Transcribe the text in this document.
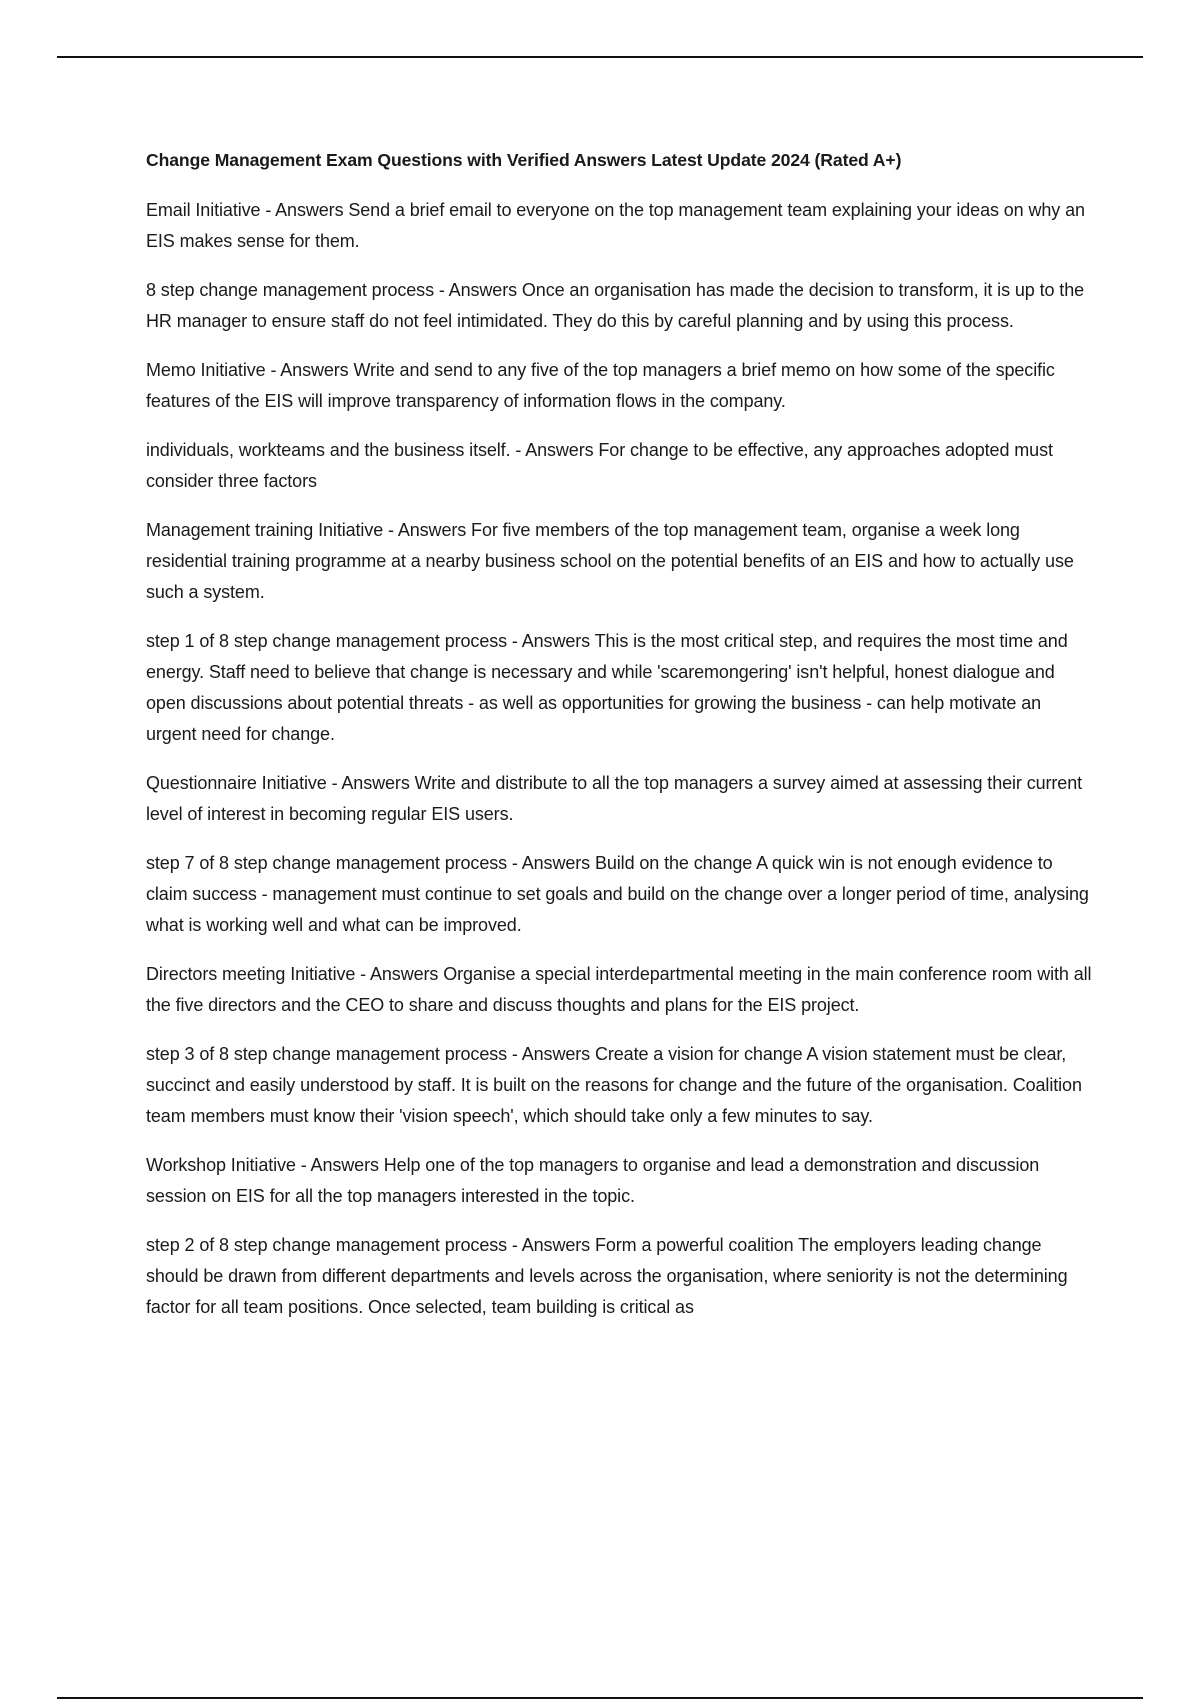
Change Management Exam Questions with Verified Answers Latest Update 2024 (Rated A+)

Email Initiative - Answers Send a brief email to everyone on the top management team explaining your ideas on why an EIS makes sense for them.

8 step change management process - Answers Once an organisation has made the decision to transform, it is up to the HR manager to ensure staff do not feel intimidated. They do this by careful planning and by using this process.

Memo Initiative - Answers Write and send to any five of the top managers a brief memo on how some of the specific features of the EIS will improve transparency of information flows in the company.

individuals, workteams and the business itself. - Answers For change to be effective, any approaches adopted must consider three factors

Management training Initiative - Answers For five members of the top management team, organise a week long residential training programme at a nearby business school on the potential benefits of an EIS and how to actually use such a system.

step 1 of 8 step change management process - Answers This is the most critical step, and requires the most time and energy. Staff need to believe that change is necessary and while 'scaremongering' isn't helpful, honest dialogue and open discussions about potential threats - as well as opportunities for growing the business - can help motivate an urgent need for change.

Questionnaire Initiative - Answers Write and distribute to all the top managers a survey aimed at assessing their current level of interest in becoming regular EIS users.

step 7 of 8 step change management process - Answers Build on the change A quick win is not enough evidence to claim success - management must continue to set goals and build on the change over a longer period of time, analysing what is working well and what can be improved.

Directors meeting Initiative - Answers Organise a special interdepartmental meeting in the main conference room with all the five directors and the CEO to share and discuss thoughts and plans for the EIS project.

step 3 of 8 step change management process - Answers Create a vision for change A vision statement must be clear, succinct and easily understood by staff. It is built on the reasons for change and the future of the organisation. Coalition team members must know their 'vision speech', which should take only a few minutes to say.

Workshop Initiative - Answers Help one of the top managers to organise and lead a demonstration and discussion session on EIS for all the top managers interested in the topic.

step 2 of 8 step change management process - Answers Form a powerful coalition The employers leading change should be drawn from different departments and levels across the organisation, where seniority is not the determining factor for all team positions. Once selected, team building is critical as
